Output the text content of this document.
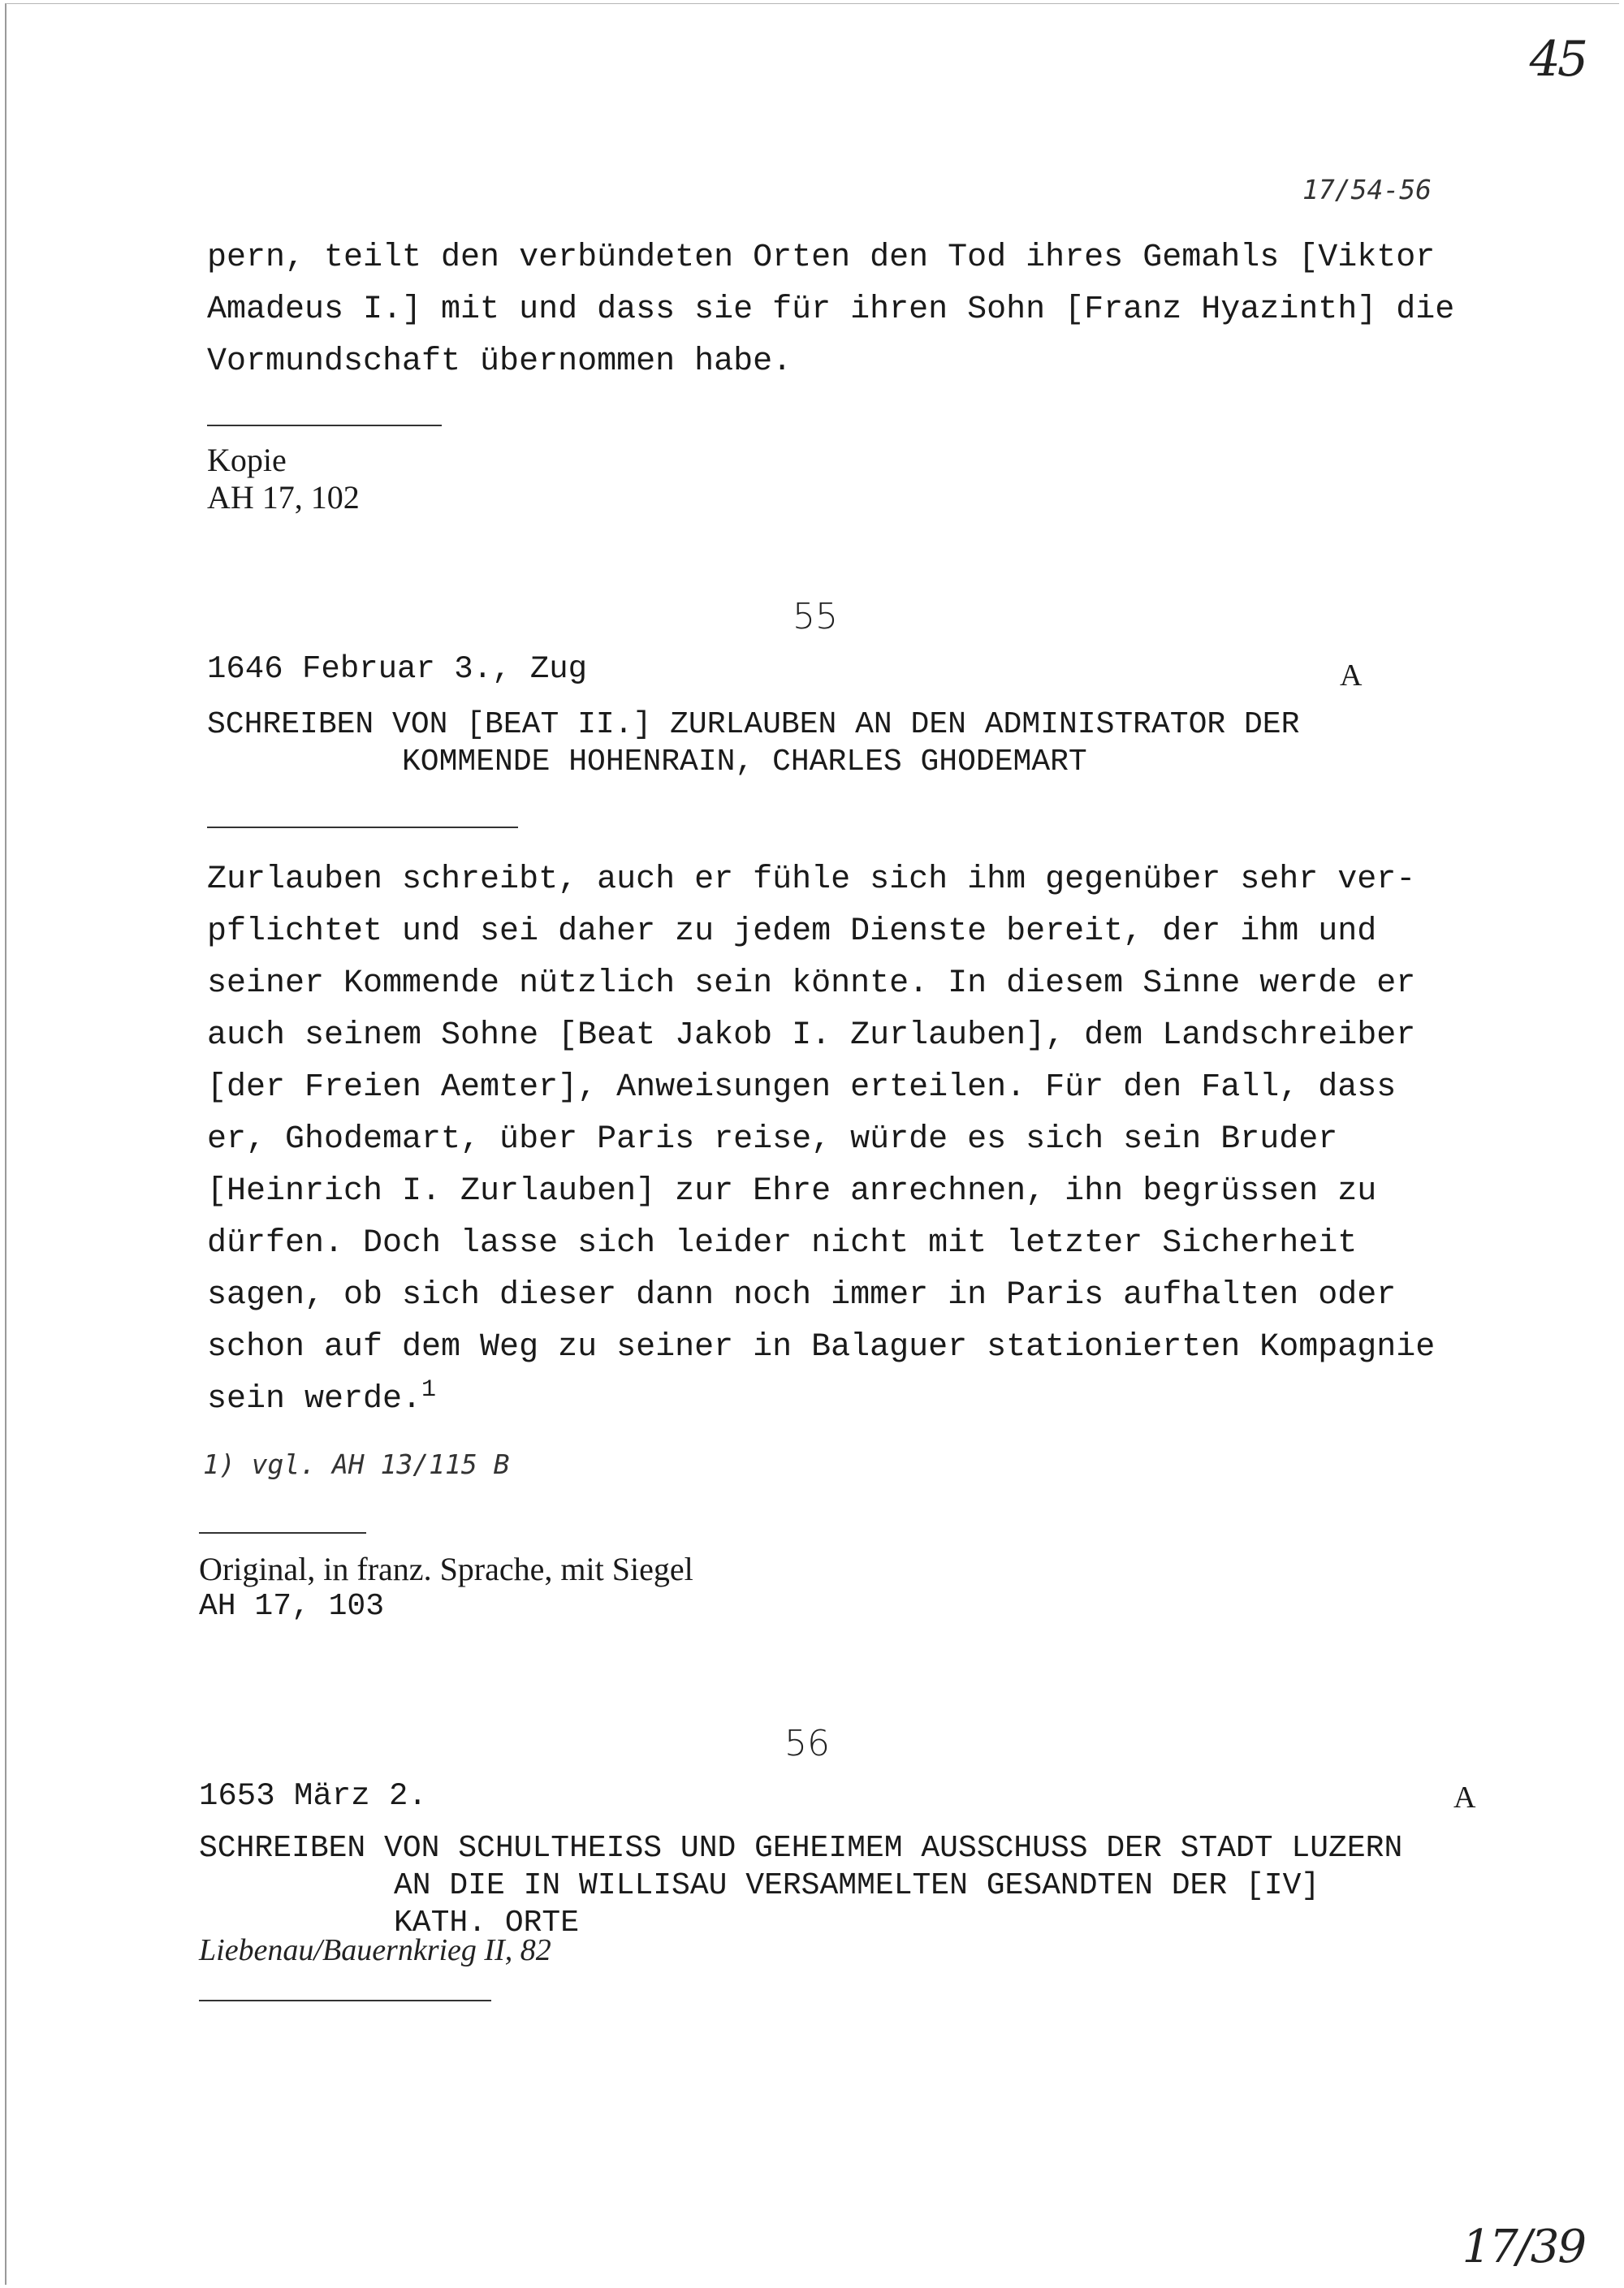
45
17/54-56
pern, teilt den verbündeten Orten den Tod ihres Gemahls [Viktor
Amadeus I.] mit und dass sie für ihren Sohn [Franz Hyazinth] die
Vormundschaft übernommen habe.
Kopie
AH 17, 102
55
1646 Februar 3., Zug	A
SCHREIBEN VON [BEAT II.] ZURLAUBEN AN DEN ADMINISTRATOR DER
KOMMENDE HOHENRAIN, CHARLES GHODEMART
Zurlauben schreibt, auch er fühle sich ihm gegenüber sehr ver-
pflichtet und sei daher zu jedem Dienste bereit, der ihm und
seiner Kommende nützlich sein könnte. In diesem Sinne werde er
auch seinem Sohne [Beat Jakob I. Zurlauben], dem Landschreiber
[der Freien Aemter], Anweisungen erteilen. Für den Fall, dass
er, Ghodemart, über Paris reise, würde es sich sein Bruder
[Heinrich I. Zurlauben] zur Ehre anrechnen, ihn begrüssen zu
dürfen. Doch lasse sich leider nicht mit letzter Sicherheit
sagen, ob sich dieser dann noch immer in Paris aufhalten oder
schon auf dem Weg zu seiner in Balaguer stationierten Kompagnie
sein werde.$^1$
1) vgl. AH 13/115 B
Original, in franz. Sprache, mit Siegel
AH 17, 103
56
1653 März 2.	A
SCHREIBEN VON SCHULTHEISS UND GEHEIMEM AUSSCHUSS DER STADT LUZERN
AN DIE IN WILLISAU VERSAMMELTEN GESANDTEN DER [IV]
KATH. ORTE
Liebenau/Bauernkrieg II, 82
17/39
